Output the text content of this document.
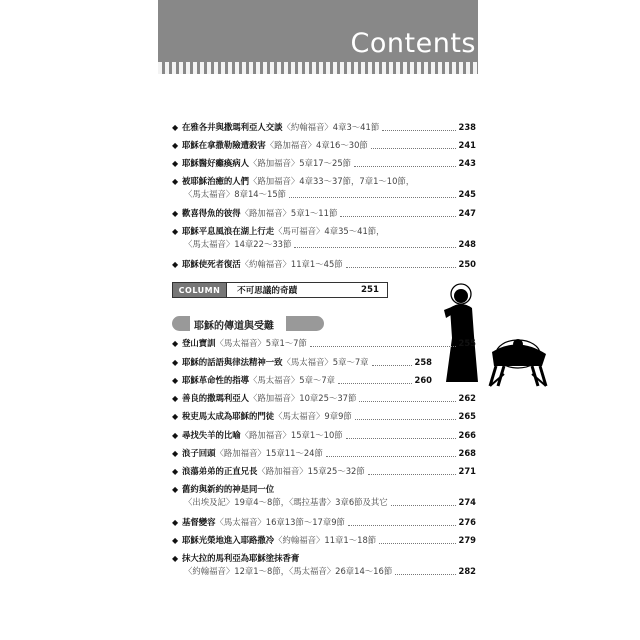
Contents
◆ 在雅各井與撒瑪利亞人交談 〈約翰福音〉4章3～41節	238
◆ 耶穌在拿撒勒險遭殺害 〈路加福音〉4章16～30節	241
◆ 耶穌醫好癱瘓病人 〈路加福音〉5章17～25節	243
◆ 被耶穌治癒的人們 〈路加福音〉4章33～37節，7章1～10節，
〈馬太福音〉8章14～15節	245
◆ 歡喜得魚的彼得 〈路加福音〉5章1～11節	247
◆ 耶穌平息風浪在湖上行走 〈馬可福音〉4章35～41節，
〈馬太福音〉14章22～33節	248
◆ 耶穌使死者復活 〈約翰福音〉11章1～45節	250
COLUMN	不可思議的奇蹟	251
耶穌的傳道與受難
◆ 登山寶訓 〈馬太福音〉5章1～7節	255
◆ 耶穌的話語與律法精神一致 〈馬太福音〉5章～7章	258
◆ 耶穌革命性的指導 〈馬太福音〉5章～7章	260
◆ 善良的撒瑪利亞人 〈路加福音〉10章25～37節	262
◆ 稅吏馬太成為耶穌的門徒 〈馬太福音〉9章9節	265
◆ 尋找失羊的比喻 〈路加福音〉15章1～10節	266
◆ 浪子回頭 〈路加福音〉15章11～24節	268
◆ 浪蕩弟弟的正直兄長 〈路加福音〉15章25～32節	271
◆ 舊約與新約的神是同一位
〈出埃及記〉19章4～8節，〈瑪拉基書〉3章6節及其它	274
◆ 基督變容 〈馬太福音〉16章13節～17章9節	276
◆ 耶穌光榮地進入耶路撒冷 〈約翰福音〉11章1～18節	279
◆ 抹大拉的馬利亞為耶穌塗抹香膏
〈約翰福音〉12章1～8節，〈馬太福音〉26章14～16節	282
